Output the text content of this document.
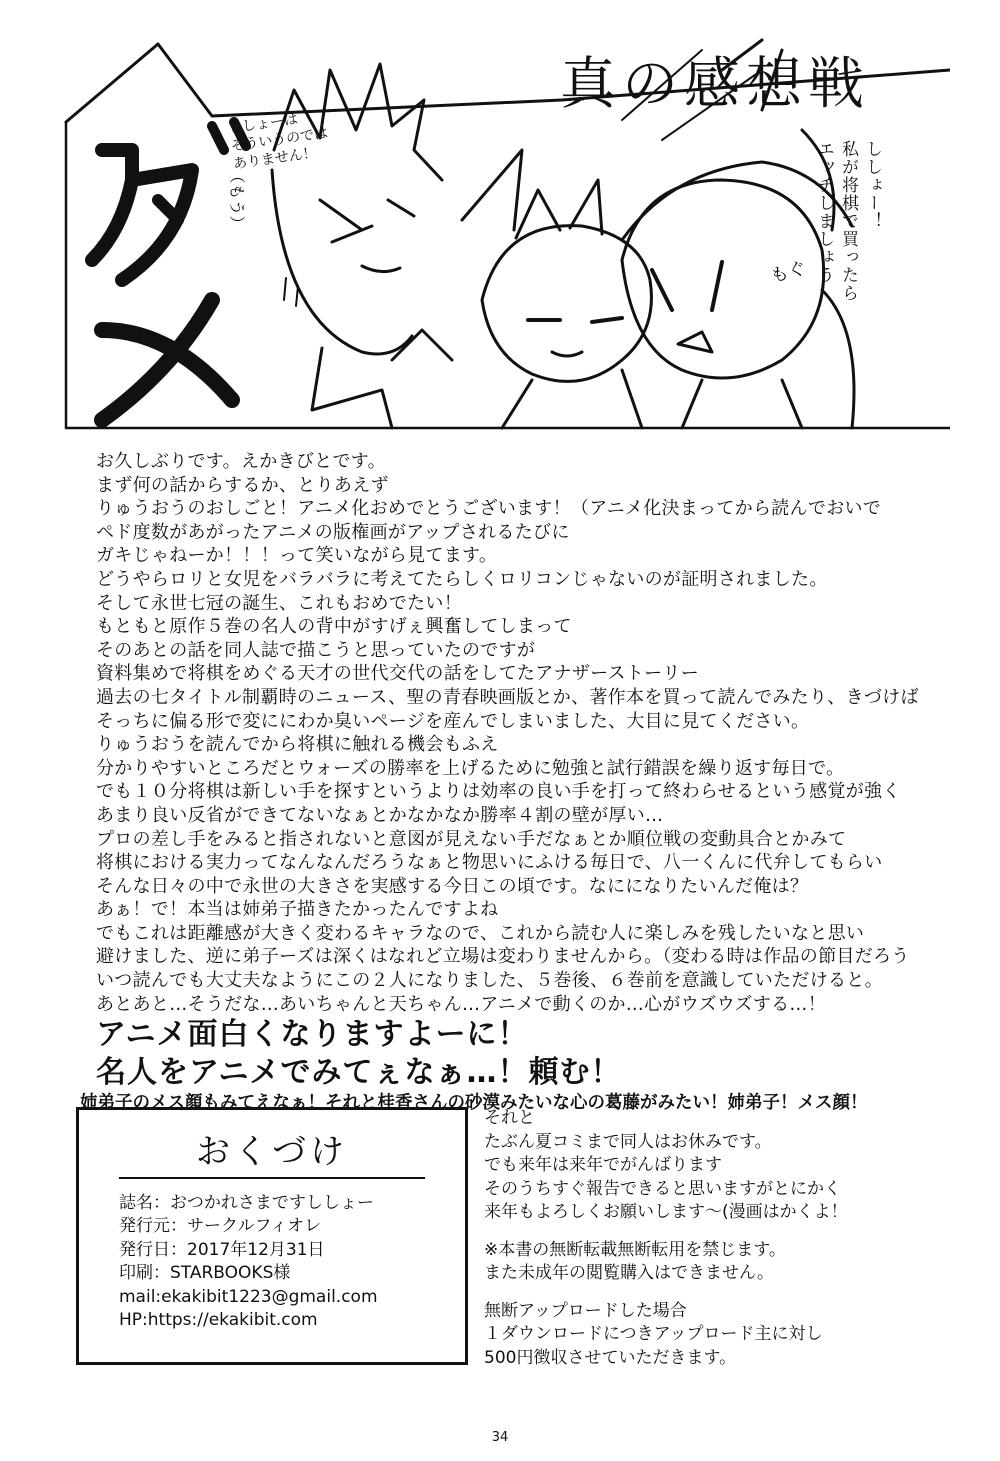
真の感想戦
ししょー！
私が将棋で買ったら
エッチしましょう
ししょーは
そういうのでは
ありません！
（もう）
もぐ
お久しぶりです。えかきびとです。
まず何の話からするか、とりあえず
りゅうおうのおしごと！アニメ化おめでとうございます！（アニメ化決まってから読んでおいで
ペド度数があがったアニメの版権画がアップされるたびに
ガキじゃねーか！！！って笑いながら見てます。
どうやらロリと女児をバラバラに考えてたらしくロリコンじゃないのが証明されました。
そして永世七冠の誕生、これもおめでたい！
もともと原作５巻の名人の背中がすげぇ興奮してしまって
そのあとの話を同人誌で描こうと思っていたのですが
資料集めで将棋をめぐる天才の世代交代の話をしてたアナザーストーリー
過去の七タイトル制覇時のニュース、聖の青春映画版とか、著作本を買って読んでみたり、きづけば
そっちに偏る形で変ににわか臭いページを産んでしまいました、大目に見てください。
りゅうおうを読んでから将棋に触れる機会もふえ
分かりやすいところだとウォーズの勝率を上げるために勉強と試行錯誤を繰り返す毎日で。
でも１０分将棋は新しい手を探すというよりは効率の良い手を打って終わらせるという感覚が強く
あまり良い反省ができてないなぁとかなかなか勝率４割の壁が厚い…
プロの差し手をみると指されないと意図が見えない手だなぁとか順位戦の変動具合とかみて
将棋における実力ってなんなんだろうなぁと物思いにふける毎日で、八一くんに代弁してもらい
そんな日々の中で永世の大きさを実感する今日この頃です。なにになりたいんだ俺は？
あぁ！で！本当は姉弟子描きたかったんですよね
でもこれは距離感が大きく変わるキャラなので、これから読む人に楽しみを残したいなと思い
避けました、逆に弟子ーズは深くはなれど立場は変わりませんから。（変わる時は作品の節目だろう
いつ読んでも大丈夫なようにこの２人になりました、５巻後、６巻前を意識していただけると。
あとあと…そうだな…あいちゃんと天ちゃん…アニメで動くのか…心がウズウズする…！
アニメ面白くなりますよーに！
名人をアニメでみてぇなぁ…！頼む！
姉弟子のメス顔もみてえなぁ！それと桂香さんの砂漠みたいな心の葛藤がみたい！姉弟子！メス顔！
おくづけ
誌名：おつかれさまですししょー
発行元：サークルフィオレ
発行日：2017年12月31日
印刷：STARBOOKS様
mail:ekakibit1223@gmail.com
HP:https://ekakibit.com
それと
たぶん夏コミまで同人はお休みです。
でも来年は来年でがんばります
そのうちすぐ報告できると思いますがとにかく
来年もよろしくお願いします〜(漫画はかくよ！
※本書の無断転載無断転用を禁じます。
また未成年の閲覧購入はできません。
無断アップロードした場合
１ダウンロードにつきアップロード主に対し
500円徴収させていただきます。
34
